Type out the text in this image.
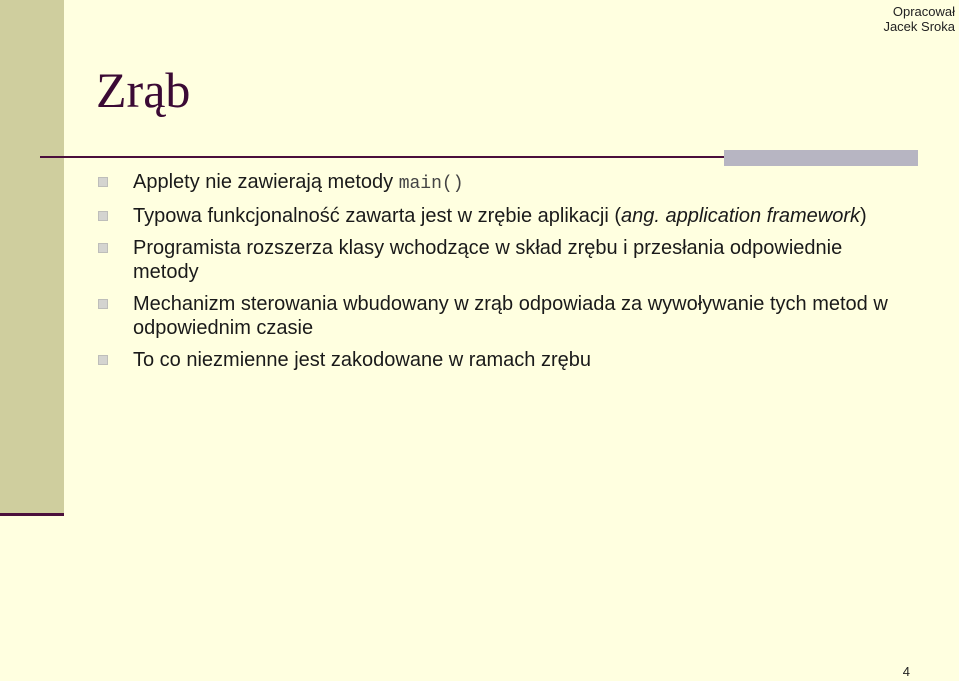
Opracował
Jacek Sroka
Zrąb
Applety nie zawierają metody main()
Typowa funkcjonalność zawarta jest w zrębie aplikacji (ang. application framework)
Programista rozszerza klasy wchodzące w skład zrębu i przesłania odpowiednie metody
Mechanizm sterowania wbudowany w zrąb odpowiada za wywoływanie tych metod w odpowiednim czasie
To co niezmienne jest zakodowane w ramach zrębu
4
